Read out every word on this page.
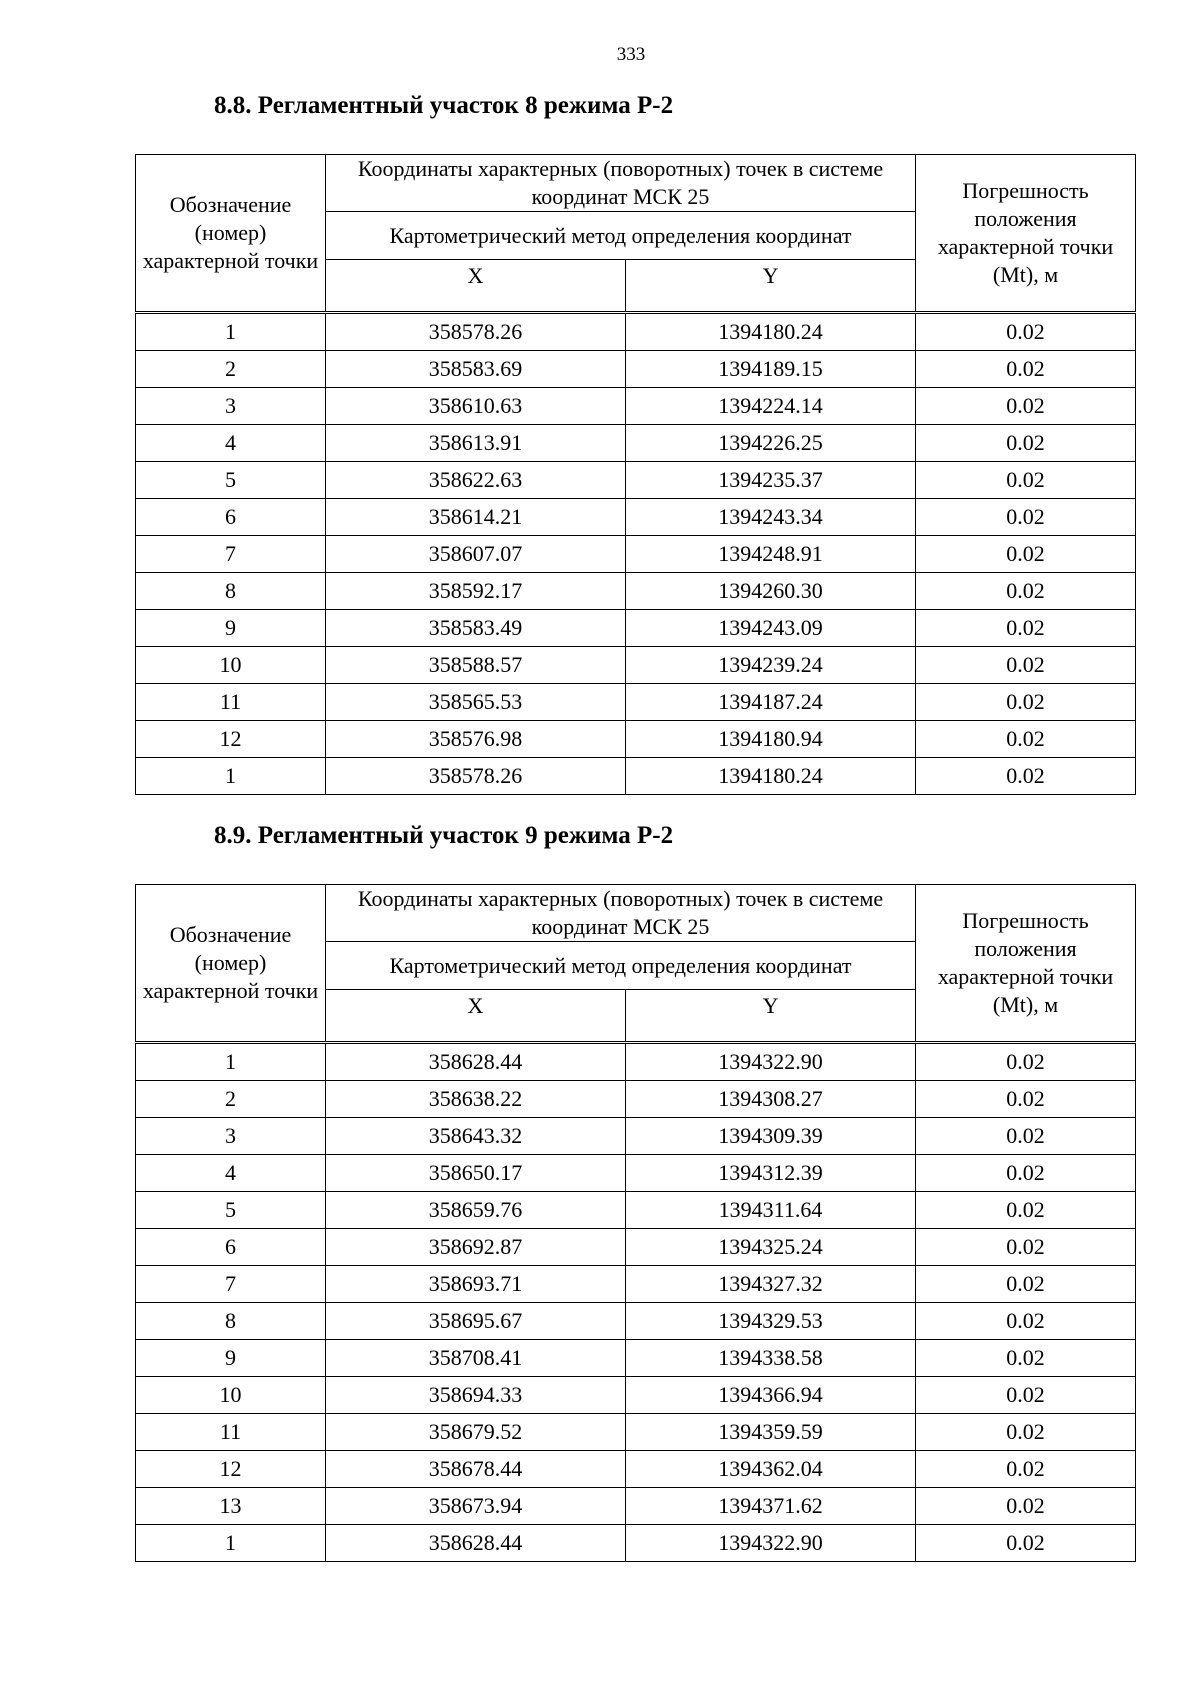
333
8.8. Регламентный участок 8 режима Р-2
Обозначение (номер) характерной точки	Координаты характерных (поворотных) точек в системе координат МСК 25		Погрешность положения характерной точки (Mt), м
	Картометрический метод определения координат		
	X	Y	
1	358578.26	1394180.24	0.02
2	358583.69	1394189.15	0.02
3	358610.63	1394224.14	0.02
4	358613.91	1394226.25	0.02
5	358622.63	1394235.37	0.02
6	358614.21	1394243.34	0.02
7	358607.07	1394248.91	0.02
8	358592.17	1394260.30	0.02
9	358583.49	1394243.09	0.02
10	358588.57	1394239.24	0.02
11	358565.53	1394187.24	0.02
12	358576.98	1394180.94	0.02
1	358578.26	1394180.24	0.02
8.9. Регламентный участок 9 режима Р-2
Обозначение (номер) характерной точки	Координаты характерных (поворотных) точек в системе координат МСК 25		Погрешность положения характерной точки (Mt), м
	Картометрический метод определения координат		
	X	Y	
1	358628.44	1394322.90	0.02
2	358638.22	1394308.27	0.02
3	358643.32	1394309.39	0.02
4	358650.17	1394312.39	0.02
5	358659.76	1394311.64	0.02
6	358692.87	1394325.24	0.02
7	358693.71	1394327.32	0.02
8	358695.67	1394329.53	0.02
9	358708.41	1394338.58	0.02
10	358694.33	1394366.94	0.02
11	358679.52	1394359.59	0.02
12	358678.44	1394362.04	0.02
13	358673.94	1394371.62	0.02
1	358628.44	1394322.90	0.02
